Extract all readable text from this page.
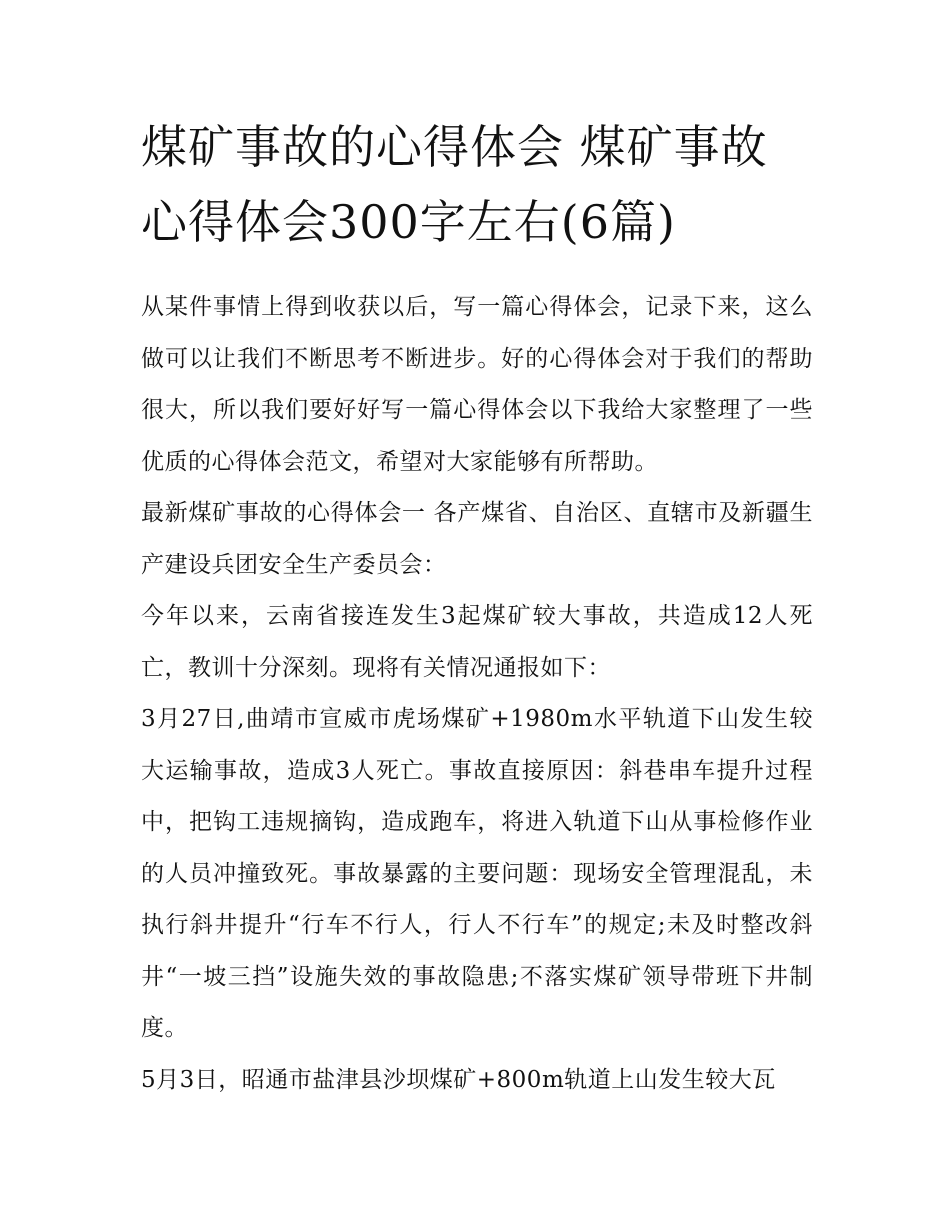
煤矿事故的心得体会 煤矿事故心得体会300字左右(6篇)

从某件事情上得到收获以后，写一篇心得体会，记录下来，这么做可以让我们不断思考不断进步。好的心得体会对于我们的帮助很大，所以我们要好好写一篇心得体会以下我给大家整理了一些优质的心得体会范文，希望对大家能够有所帮助。

最新煤矿事故的心得体会一 各产煤省、自治区、直辖市及新疆生产建设兵团安全生产委员会：

今年以来，云南省接连发生3起煤矿较大事故，共造成12人死亡，教训十分深刻。现将有关情况通报如下：

3月27日,曲靖市宣威市虎场煤矿+1980m水平轨道下山发生较大运输事故，造成3人死亡。事故直接原因：斜巷串车提升过程中，把钩工违规摘钩，造成跑车，将进入轨道下山从事检修作业的人员冲撞致死。事故暴露的主要问题：现场安全管理混乱，未执行斜井提升“行车不行人，行人不行车”的规定;未及时整改斜井“一坡三挡”设施失效的事故隐患;不落实煤矿领导带班下井制度。

5月3日，昭通市盐津县沙坝煤矿+800m轨道上山发生较大瓦
